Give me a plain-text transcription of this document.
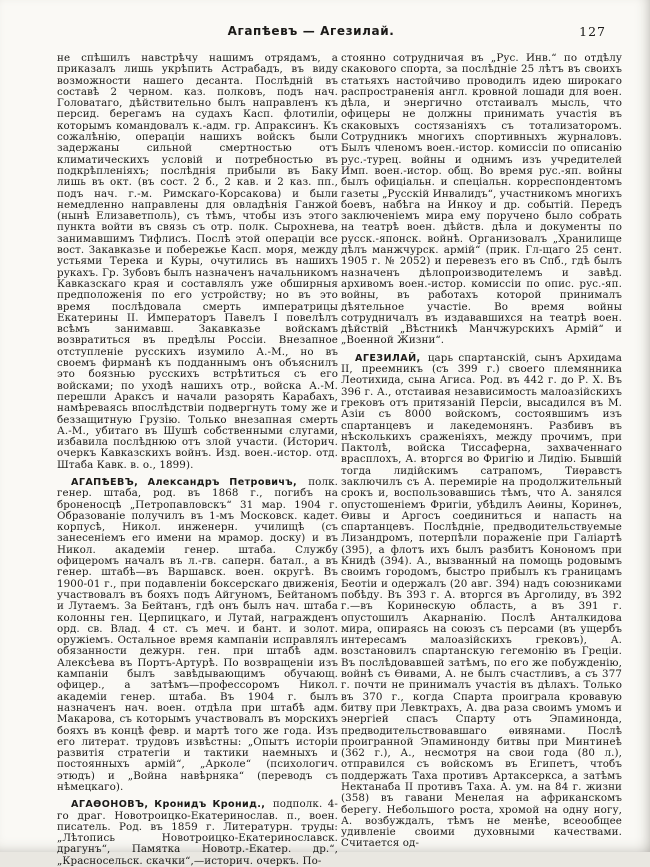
Агапѣевъ — Агезилай.	127

не спѣшилъ навстрѣчу нашимъ отрядамъ, а приказалъ лишь укрѣпить Астрабадъ, въ виду возможности нашего десанта. Послѣдній въ составѣ 2 черном. каз. полковъ, подъ нач. Головатаго, дѣйствительно былъ направленъ къ персид. берегамъ на судахъ Касп. флотиліи, которымъ командовалъ к.-адм. гр. Апраксинъ. Къ сожалѣнію, операціи нашихъ войскъ были задержаны сильной смертностью отъ климатическихъ условій и потребностью въ подкрѣпленіяхъ; послѣднія прибыли въ Баку лишь въ окт. (въ сост. 2 б., 2 кав. и 2 каз. пп., подъ нач. г.-м. Римскаго-Корсакова) и были немедленно направлены для овладѣнія Ганжой (нынѣ Елизаветполь), съ тѣмъ, чтобы изъ этого пункта войти въ связь съ отр. полк. Сырохнева, занимавшимъ Тифлисъ. Послѣ этой операціи все вост. Закавказье и побережье Касп. моря, между устьями Терека и Куры, очутились въ нашихъ рукахъ. Гр. Зубовъ былъ назначенъ начальникомъ Кавказскаго края и составлялъ уже обширныя предположенія по его устройству; но въ это время послѣдовала смерть императрицы Екатерины II. Императоръ Павелъ I повелѣлъ всѣмъ занимавш. Закавказье войскамъ возвратиться въ предѣлы Россіи. Внезапное отступленіе русскихъ изумило А.-М., но въ своемъ фирманѣ къ подданнымъ онъ объяснилъ это боязнью русскихъ встрѣтиться съ его войсками; по уходѣ нашихъ отр., войска А.-М. перешли Араксъ и начали разорять Карабахъ, намѣреваясь впослѣдствіи подвергнуть тому же и беззащитную Грузію. Только внезапная смерть А.-М., убитаго въ Шушѣ собственными слугами, избавила послѣднюю отъ злой участи. (Историч. очеркъ Кавказскихъ войнъ. Изд. воен.-истор. отд. Штаба Кавк. в. о., 1899).

АГАПѢЕВЪ, Александръ Петровичъ, полк. генер. штаба, род. въ 1868 г., погибъ на броненосцѣ „Петропавловскъ“ 31 мар. 1904 г. Образованіе получилъ въ 1-мъ Московск. кадет. корпусѣ, Никол. инженерн. училищѣ (съ занесеніемъ его имени на мрамор. доску) и въ Никол. академіи генер. штаба. Службу офицеромъ началъ въ л.-гв. саперн. батал., а въ генер. штабѣ—въ Варшавск. воен. округѣ. Въ 1900-01 г., при подавленіи боксерскаго движенія, участвовалъ въ бояхъ подъ Айгуномъ, Бейтаномъ и Лутаемъ. За Бейтанъ, гдѣ онъ былъ нач. штаба колонны ген. Церпицкаго, и Лутай, награжденъ орд. св. Влад. 4 ст. съ меч. и бант. и золот. оружіемъ. Остальное время кампаніи исправлялъ обязанности дежурн. ген. при штабѣ адм. Алексѣева въ Портъ-Артурѣ. По возвращеніи изъ кампаніи былъ завѣдывающимъ обучающ. офицер., а затѣмъ—профессоромъ Никол. академіи генер. штаба. Въ 1904 г. былъ назначенъ нач. воен. отдѣла при штабѣ адм. Макарова, съ которымъ участвовалъ въ морскихъ бояхъ въ концѣ февр. и мартѣ того же года. Изъ его литерат. трудовъ извѣстны: „Опытъ исторіи развитія стратегіи и тактики наемныхъ и постоянныхъ армій“, „Арколе“ (психологич. этюдъ) и „Война навѣрняка“ (переводъ съ нѣмецкаго).

АГАѲОНОВЪ, Кронидъ Кронид., подполк. 4-го драг. Новотроицко-Екатеринослав. п., воен. писатель. Род. въ 1859 г. Литературн. труды: „Лѣтопись Новотроицко-Екатеринославск. драгунъ“, Памятка Новотр.-Екатер. др.“, „Красносельск. скачки“,—историч. очеркъ. По-

стоянно сотрудничая въ „Рус. Инв.“ по отдѣлу скакового спорта, за послѣдніе 25 лѣтъ въ своихъ статьяхъ настойчиво проводилъ идею широкаго распространенія англ. кровной лошади для воен. дѣла, и энергично отстаивалъ мысль, что офицеры не должны принимать участія въ скаковыхъ состязаніяхъ съ тотализаторомъ. Сотрудникъ многихъ спортивныхъ журналовъ. Былъ членомъ воен.-истор. комиссіи по описанію рус.-турец. войны и однимъ изъ учредителей Имп. воен.-истор. общ. Во время рус.-яп. войны былъ офиціальн. и спеціальн. корреспондентомъ газеты „Русскій Инвалидъ“, участникомъ многихъ боевъ, набѣга на Инкоу и др. событій. Передъ заключеніемъ мира ему поручено было собрать на театрѣ воен. дѣйств. дѣла и документы по русск.-японск. войнѣ. Организовалъ „Хранилище дѣлъ манжчурск. армій“ (прик. Гл-щаго 25 сент. 1905 г. № 2052) и перевезъ его въ Спб., гдѣ былъ назначенъ дѣлопроизводителемъ и завѣд. архивомъ воен.-истор. комиссіи по опис. рус.-яп. войны, въ работахъ которой принималъ дѣятельное участіе. Во время войны сотрудничалъ въ издававшихся на театрѣ воен. дѣйствій „Вѣстникѣ Манчжурскихъ Армій“ и „Военной Жизни“.

АГЕЗИЛАЙ, царь спартанскій, сынъ Архидама II, преемникъ (съ 399 г.) своего племянника Леотихида, сына Агиса. Род. въ 442 г. до Р. Х. Въ 396 г. А., отстаивая независимость малоазійскихъ грековъ отъ притязаній Персіи, высадился въ М. Азіи съ 8000 войскомъ, состоявшимъ изъ спартанцевъ и лакедемонянъ. Разбивъ въ нѣсколькихъ сраженіяхъ, между прочимъ, при Пактолѣ, войска Тиссаферна, захваченнаго врасплохъ, А. вторгся во Фригію и Лидію. Бывшій тогда лидійскимъ сатрапомъ, Тиѳравстъ заключилъ съ А. перемиріе на продолжительный срокъ и, воспользовавшись тѣмъ, что А. занялся опустошеніемъ Фригіи, убѣдилъ Аѳины, Коринѳъ, Ѳивы и Аргосъ соединиться и напасть на спартанцевъ. Послѣдніе, предводительствуемые Лизандромъ, потерпѣли пораженіе при Галіартѣ (395), а флотъ ихъ былъ разбитъ Конономъ при Книдѣ (394). А., вызванный на помощь родовымъ своимъ городомъ, быстро прибылъ къ границамъ Беотіи и одержалъ (20 авг. 394) надъ союзниками побѣду. Въ 393 г. А. вторгся въ Арголиду, въ 392 г.—въ Коринѳскую область, а въ 391 г. опустошилъ Акарнанію. Послѣ Анталкидова мира, опираясь на союзъ съ персами (въ ущербъ интересамъ малоазійскихъ грековъ), А. возстановилъ спартанскую гегемонію въ Греціи. Въ послѣдовавшей затѣмъ, по его же побужденію, войнѣ съ Ѳивами, А. не былъ счастливъ, а съ 377 г. почти не принималъ участія въ дѣлахъ. Только въ 370 г., когда Спарта проиграла кровавую битву при Левктрахъ, А. два раза своимъ умомъ и энергіей спасъ Спарту отъ Эпаминонда, предводительствовавшаго ѳивянами. Послѣ проигранной Эпаминонду битвы при Минтинеѣ (362 г.), А., несмотря на свои года (80 л.), отправился съ войскомъ въ Египетъ, чтобъ поддержать Таха противъ Артаксеркса, а затѣмъ Нектанаба II противъ Таха. А. ум. на 84 г. жизни (358) въ гавани Менелая на африканскомъ берегу. Небольшого роста, хромой на одну ногу, А. возбуждалъ, тѣмъ не менѣе, всеообщее удивленіе своими духовными качествами. Считается од-
